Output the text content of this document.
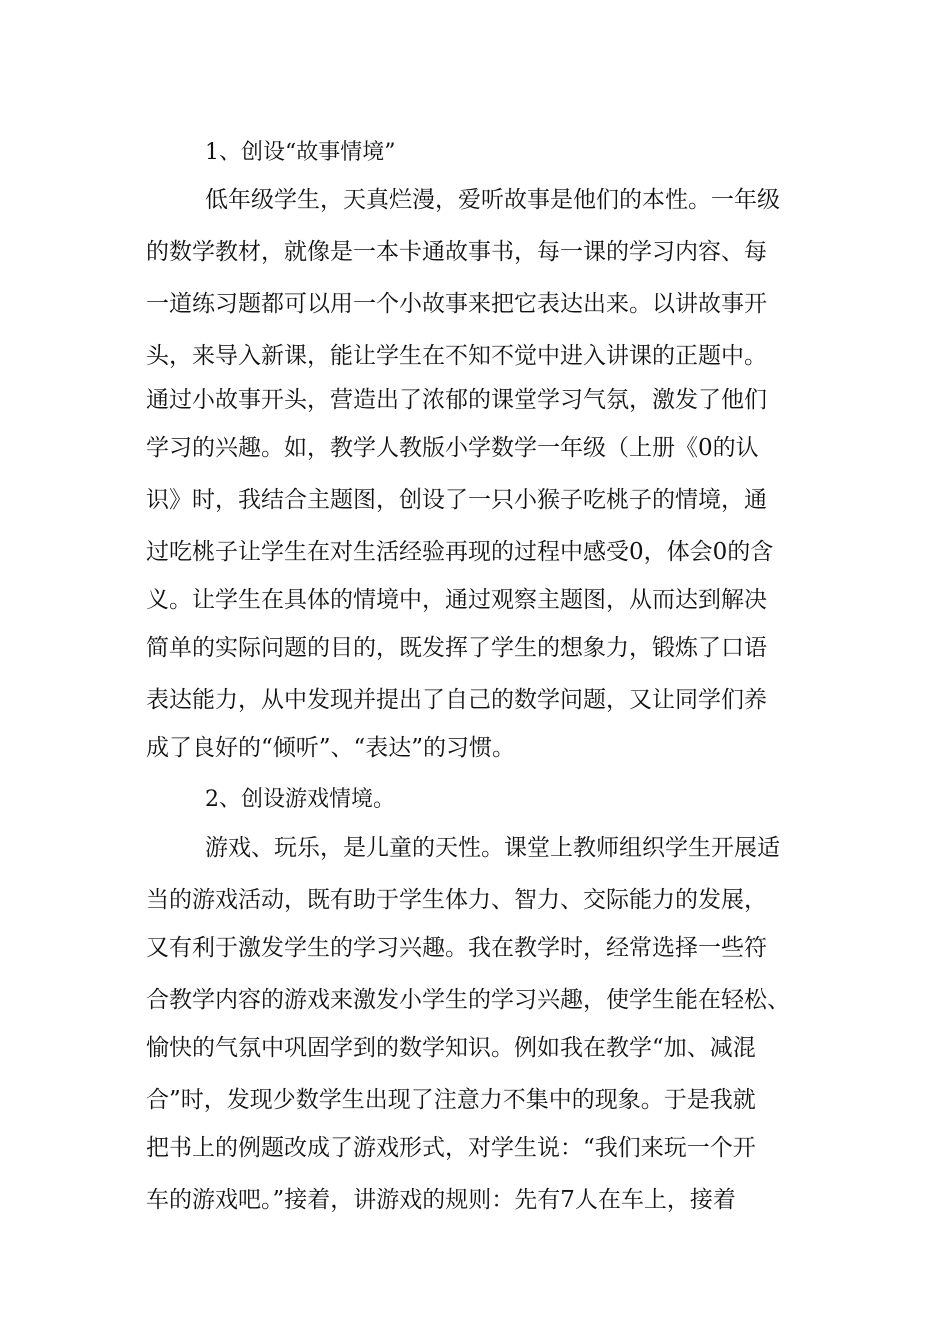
1、创设“故事情境”
低年级学生，天真烂漫，爱听故事是他们的本性。一年级
的数学教材，就像是一本卡通故事书，每一课的学习内容、每
一道练习题都可以用一个小故事来把它表达出来。以讲故事开
头，来导入新课，能让学生在不知不觉中进入讲课的正题中。
通过小故事开头，营造出了浓郁的课堂学习气氛，激发了他们
学习的兴趣。如，教学人教版小学数学一年级（上册《0的认
识》时，我结合主题图，创设了一只小猴子吃桃子的情境，通
过吃桃子让学生在对生活经验再现的过程中感受0，体会0的含
义。让学生在具体的情境中，通过观察主题图，从而达到解决
简单的实际问题的目的，既发挥了学生的想象力，锻炼了口语
表达能力，从中发现并提出了自己的数学问题，又让同学们养
成了良好的“倾听”、“表达”的习惯。
2、创设游戏情境。
游戏、玩乐，是儿童的天性。课堂上教师组织学生开展适
当的游戏活动，既有助于学生体力、智力、交际能力的发展，
又有利于激发学生的学习兴趣。我在教学时，经常选择一些符
合教学内容的游戏来激发小学生的学习兴趣，使学生能在轻松、
愉快的气氛中巩固学到的数学知识。例如我在教学“加、减混
合”时，发现少数学生出现了注意力不集中的现象。于是我就
把书上的例题改成了游戏形式，对学生说：“我们来玩一个开
车的游戏吧。”接着，讲游戏的规则：先有7人在车上，接着
